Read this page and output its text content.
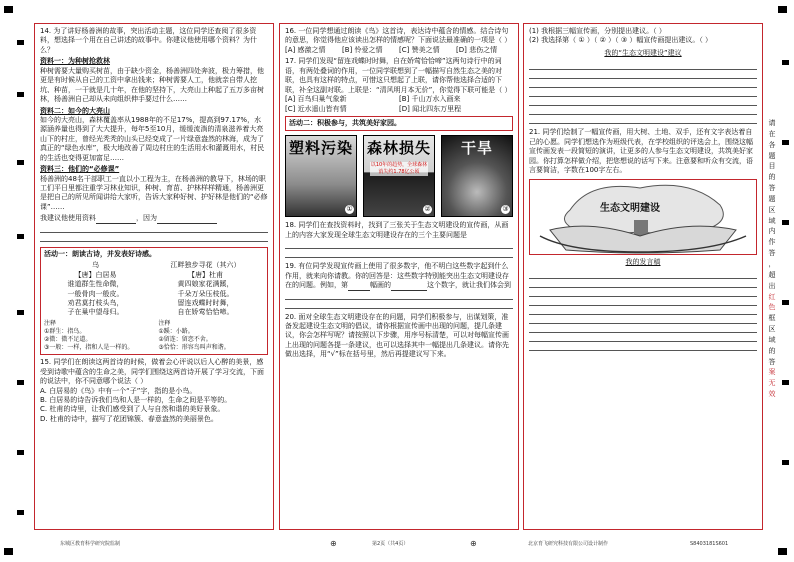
14. 为了讲好杨善洲的故事，突出活动主题，这位同学还查阅了很多资料，想选择一个用在自己讲述的故事中。你建议他使用哪个资料？为什么？

资料一：为种树抢救林

种树需要大量购买树苗，由于缺少资金，杨善洲四处奔波，极力筹措，他更是有时候从自己的工资中拿出钱来；种树需要人工，他就亲自带人挖坑、种苗，一干就是几十年，在他的坚持下，大亮山上种起了五万多亩树林，杨善洲自己却从未向组织伸手要过什么……

资料二：如今的大亮山

如今的大亮山，森林覆盖率从1988年的不足17%，提高到97.17%，水源涵养量也得到了大大提升，每年5至10月，缓缓流淌的清泉滋养着大亮山下的村庄，曾经光秃秃的山头已经变成了一片绿意盎然的林海，成为了真正的“绿色水库”，极大地改善了周边村庄的生活用水和灌溉用水，村民的生活也变得更加富足……

资料三：他们的“必修课”

杨善洲的48名干部职工一直以小工程为主，在杨善洲的教导下，林场的职工们平日里都注重学习林业知识，种树、育苗、护林样样精通，杨善洲更是把自己的所见所闻讲给大家听，告诉大家种好树、护好林是他们的“必修课”……

我建议他使用资料	，因为

活动一：朗读古诗，并发表好诗感。

乌
【唐】白居易
谁道群生性命微，
一般骨肉一般皮。
劝君莫打枝头鸟，
子在巢中望母归。
江畔独步寻花（其六）
【唐】杜甫
黄四娘家花满蹊，
千朵万朵压枝低。
留连戏蝶时时舞，
自在娇莺恰恰啼。
注释
①群生：指鸟。
②微：微不足道。
③一般：一样，指和人是一样的。
注释
①蹊：小路。
②留连：留恋不舍。
③恰恰：形容鸟叫声和谐。

15. 同学们在朗读这两首诗的时候，做着会心评说以后人心醉的美景，感受到诗歌中蕴含的生命之美，同学们围绕这两首诗开展了学习交流，下面的说法中，你不同意哪个说法（ ）

A. 白居易的《鸟》中有一个“子”字，指的是小鸟。

B. 白居易的诗告诉我们鸟和人是一样的，生命之间是平等的。

C. 杜甫的诗里，让我们感受到了人与自然和谐的美好景象。

D. 杜甫的诗中，描写了花团锦簇、春意盎然的美丽景色。

16. 一位同学想通过朗读《鸟》这首诗，表达诗中蕴含的情感。结合诗句的意思，你觉得他应该读出怎样的情感呢？下面说法最准确的一项是（ ）

[A] 感激之情	[B] 怜爱之情	[C] 赞美之情	[D] 悲伤之情

17. 同学们发现“留连戏蝶时时舞，自在娇莺恰恰啼”这两句诗行中的词语，有两处叠词的作用，一位同学联想到了一幅描写自然生态之美的对联，也具有这样的特点，可惜这只想起了上联，请你帮他选择合适的下联，补全这副对联。上联是：“清风明月本无价”，你觉得下联可能是（ ）

[A] 百鸟归巢气象新	[B] 千山万水入画来
[C] 近水遥山皆有情	[D] 闻北四东万里程

活动二：积极参与，共筑美好家园。

塑料污染
①
森林损失
以10年的趋势，全球森林消失约1.78亿公顷
②
干旱
③

18. 同学们在查找资料时，找到了三张关于生态文明建设的宣传画，从画上的内容大家发现全球生态文明建设存在的三个主要问题是

19. 有位同学发现宣传画上使用了很多数字，他不明白这些数字起到什么作用，就来向你请教。你的回答是：这些数字特别能突出生态文明建设存在的问题。例如，第	幅画的	这个数字，就让我们体会到

20. 面对全球生态文明建设存在的问题，同学们积极参与，出谋划策，准备发起建设生态文明的倡议，请你根据宣传画中出现的问题，提几条建议，你会怎样写呢？请按照以下步骤，用序号标清楚，可以对每幅宣传画上出现的问题各提一条建议，也可以选择其中一幅提出几条建议。请你先做出选择，用“√”标在括号里，然后再提建议写下来。

(1) 我根据三幅宣传画，分别提出建议。（ ）

(2) 我选择第（ ① ）（ ② ）（ ③ ）幅宣传画提出建议。（ ）

我的“生态文明建设”建议

21. 同学们绘制了一幅宣传画，用大树、土地、双手，还有文字表达着自己的心愿。同学们想选作为班级代表，在学校组织的评选会上，围绕这幅宣传画发表一段简短的演讲，让更多的人参与生态文明建设，共筑美好家园。你打算怎样做介绍，把您想说的话写下来。注意要和听众有交流，语言要简洁，字数在100字左右。

生态文明建设

我的发言稿

请
在
各
题
目
的
答
题
区
域
内
作
答
，
超
出
红
色
框
区
域
的
答
案
无
效
东城区教育科学研究院监制	⊕	第2页（共4页）	⊕	北京育飞研究科技有限公司设计制作	S8403181S601
